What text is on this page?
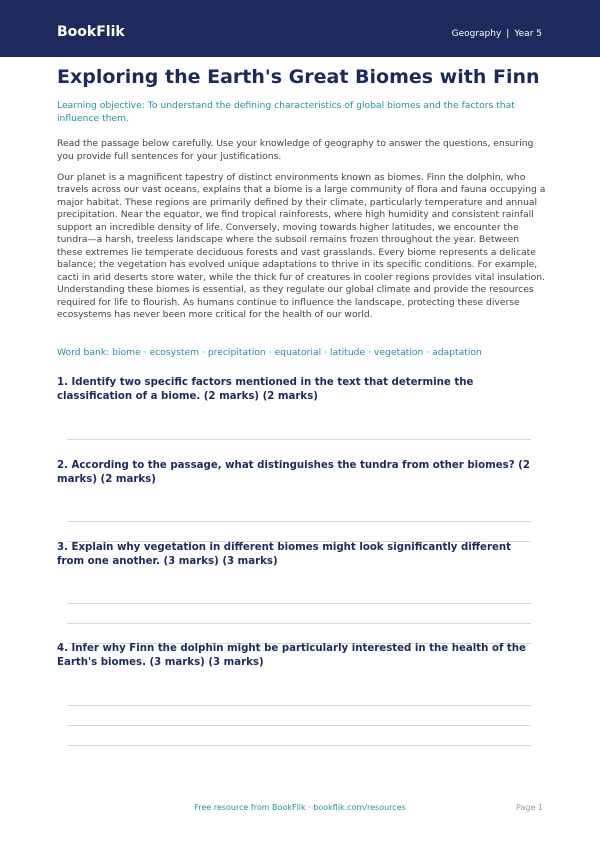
BookFlik	Geography | Year 5
Exploring the Earth's Great Biomes with Finn
Learning objective: To understand the defining characteristics of global biomes and the factors that influence them.
Read the passage below carefully. Use your knowledge of geography to answer the questions, ensuring you provide full sentences for your justifications.
Our planet is a magnificent tapestry of distinct environments known as biomes. Finn the dolphin, who travels across our vast oceans, explains that a biome is a large community of flora and fauna occupying a major habitat. These regions are primarily defined by their climate, particularly temperature and annual precipitation. Near the equator, we find tropical rainforests, where high humidity and consistent rainfall support an incredible density of life. Conversely, moving towards higher latitudes, we encounter the tundra—a harsh, treeless landscape where the subsoil remains frozen throughout the year. Between these extremes lie temperate deciduous forests and vast grasslands. Every biome represents a delicate balance; the vegetation has evolved unique adaptations to thrive in its specific conditions. For example, cacti in arid deserts store water, while the thick fur of creatures in cooler regions provides vital insulation. Understanding these biomes is essential, as they regulate our global climate and provide the resources required for life to flourish. As humans continue to influence the landscape, protecting these diverse ecosystems has never been more critical for the health of our world.
Word bank: biome · ecosystem · precipitation · equatorial · latitude · vegetation · adaptation
1. Identify two specific factors mentioned in the text that determine the classification of a biome. (2 marks) (2 marks)
2. According to the passage, what distinguishes the tundra from other biomes? (2 marks) (2 marks)
3. Explain why vegetation in different biomes might look significantly different from one another. (3 marks) (3 marks)
4. Infer why Finn the dolphin might be particularly interested in the health of the Earth's biomes. (3 marks) (3 marks)
Free resource from BookFlik · bookflik.com/resources	Page 1
